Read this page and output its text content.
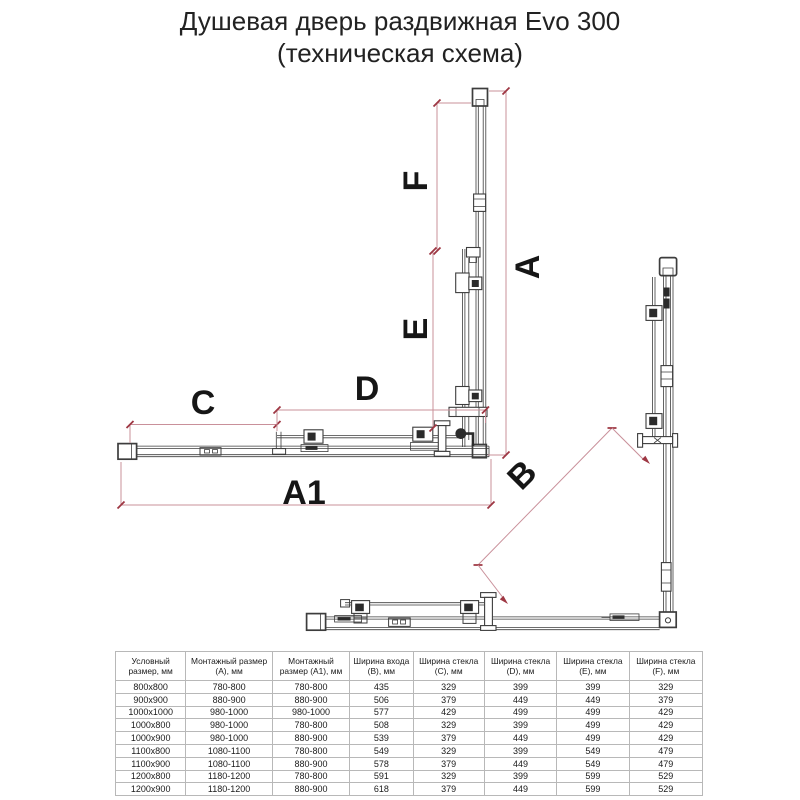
Душевая дверь раздвижная Evo 300
(техническая схема)
F
E
A
C	D
A1	B
Условный размер, мм	Монтажный размер (A), мм	Монтажный размер (A1), мм	Ширина входа (B), мм	Ширина стекла (C), мм	Ширина стекла (D), мм	Ширина стекла (E), мм	Ширина стекла (F), мм
800x800	780-800	780-800	435	329	399	399	329
900x900	880-900	880-900	506	379	449	449	379
1000x1000	980-1000	980-1000	577	429	499	499	429
1000x800	980-1000	780-800	508	329	399	499	429
1000x900	980-1000	880-900	539	379	449	499	429
1100x800	1080-1100	780-800	549	329	399	549	479
1100x900	1080-1100	880-900	578	379	449	549	479
1200x800	1180-1200	780-800	591	329	399	599	529
1200x900	1180-1200	880-900	618	379	449	599	529
